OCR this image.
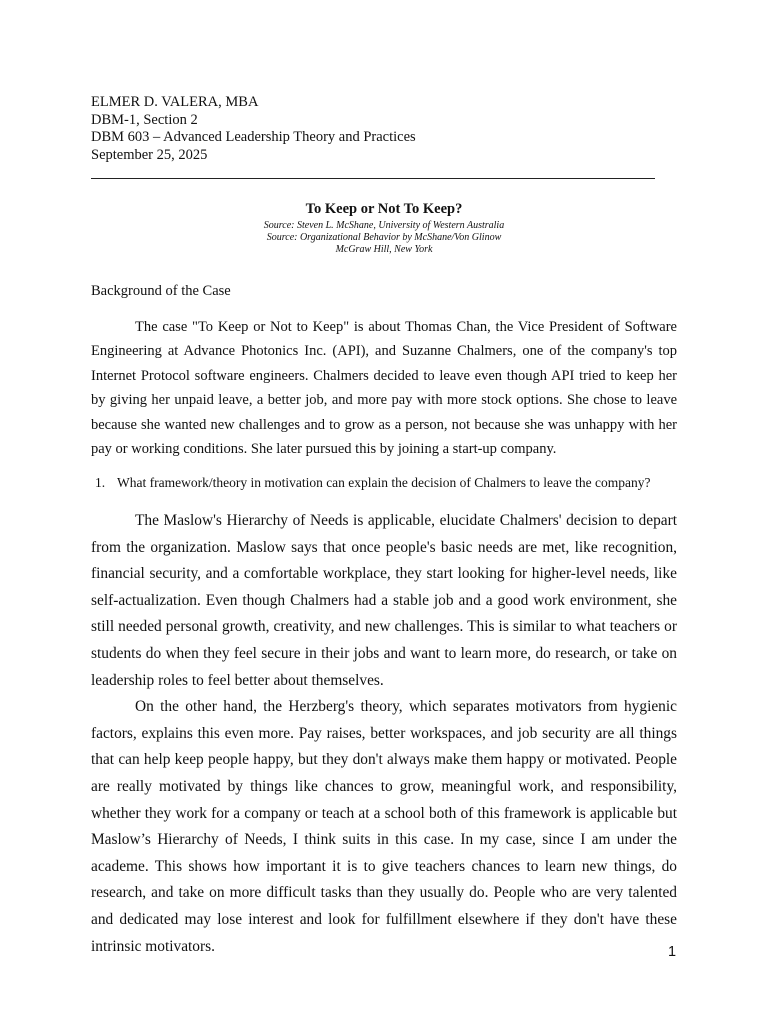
ELMER D. VALERA, MBA
DBM-1, Section 2
DBM 603 – Advanced Leadership Theory and Practices
September 25, 2025
To Keep or Not To Keep?
Source: Steven L. McShane, University of Western Australia
Source: Organizational Behavior by McShane/Von Glinow
McGraw Hill, New York
Background of the Case

The case "To Keep or Not to Keep" is about Thomas Chan, the Vice President of Software Engineering at Advance Photonics Inc. (API), and Suzanne Chalmers, one of the company's top Internet Protocol software engineers. Chalmers decided to leave even though API tried to keep her by giving her unpaid leave, a better job, and more pay with more stock options. She chose to leave because she wanted new challenges and to grow as a person, not because she was unhappy with her pay or working conditions. She later pursued this by joining a start-up company.

1. What framework/theory in motivation can explain the decision of Chalmers to leave the company?

The Maslow's Hierarchy of Needs is applicable, elucidate Chalmers' decision to depart from the organization. Maslow says that once people's basic needs are met, like recognition, financial security, and a comfortable workplace, they start looking for higher-level needs, like self-actualization. Even though Chalmers had a stable job and a good work environment, she still needed personal growth, creativity, and new challenges. This is similar to what teachers or students do when they feel secure in their jobs and want to learn more, do research, or take on leadership roles to feel better about themselves.

On the other hand, the Herzberg's theory, which separates motivators from hygienic factors, explains this even more. Pay raises, better workspaces, and job security are all things that can help keep people happy, but they don't always make them happy or motivated. People are really motivated by things like chances to grow, meaningful work, and responsibility, whether they work for a company or teach at a school both of this framework is applicable but Maslow’s Hierarchy of Needs, I think suits in this case. In my case, since I am under the academe. This shows how important it is to give teachers chances to learn new things, do research, and take on more difficult tasks than they usually do. People who are very talented and dedicated may lose interest and look for fulfillment elsewhere if they don't have these intrinsic motivators.	1
